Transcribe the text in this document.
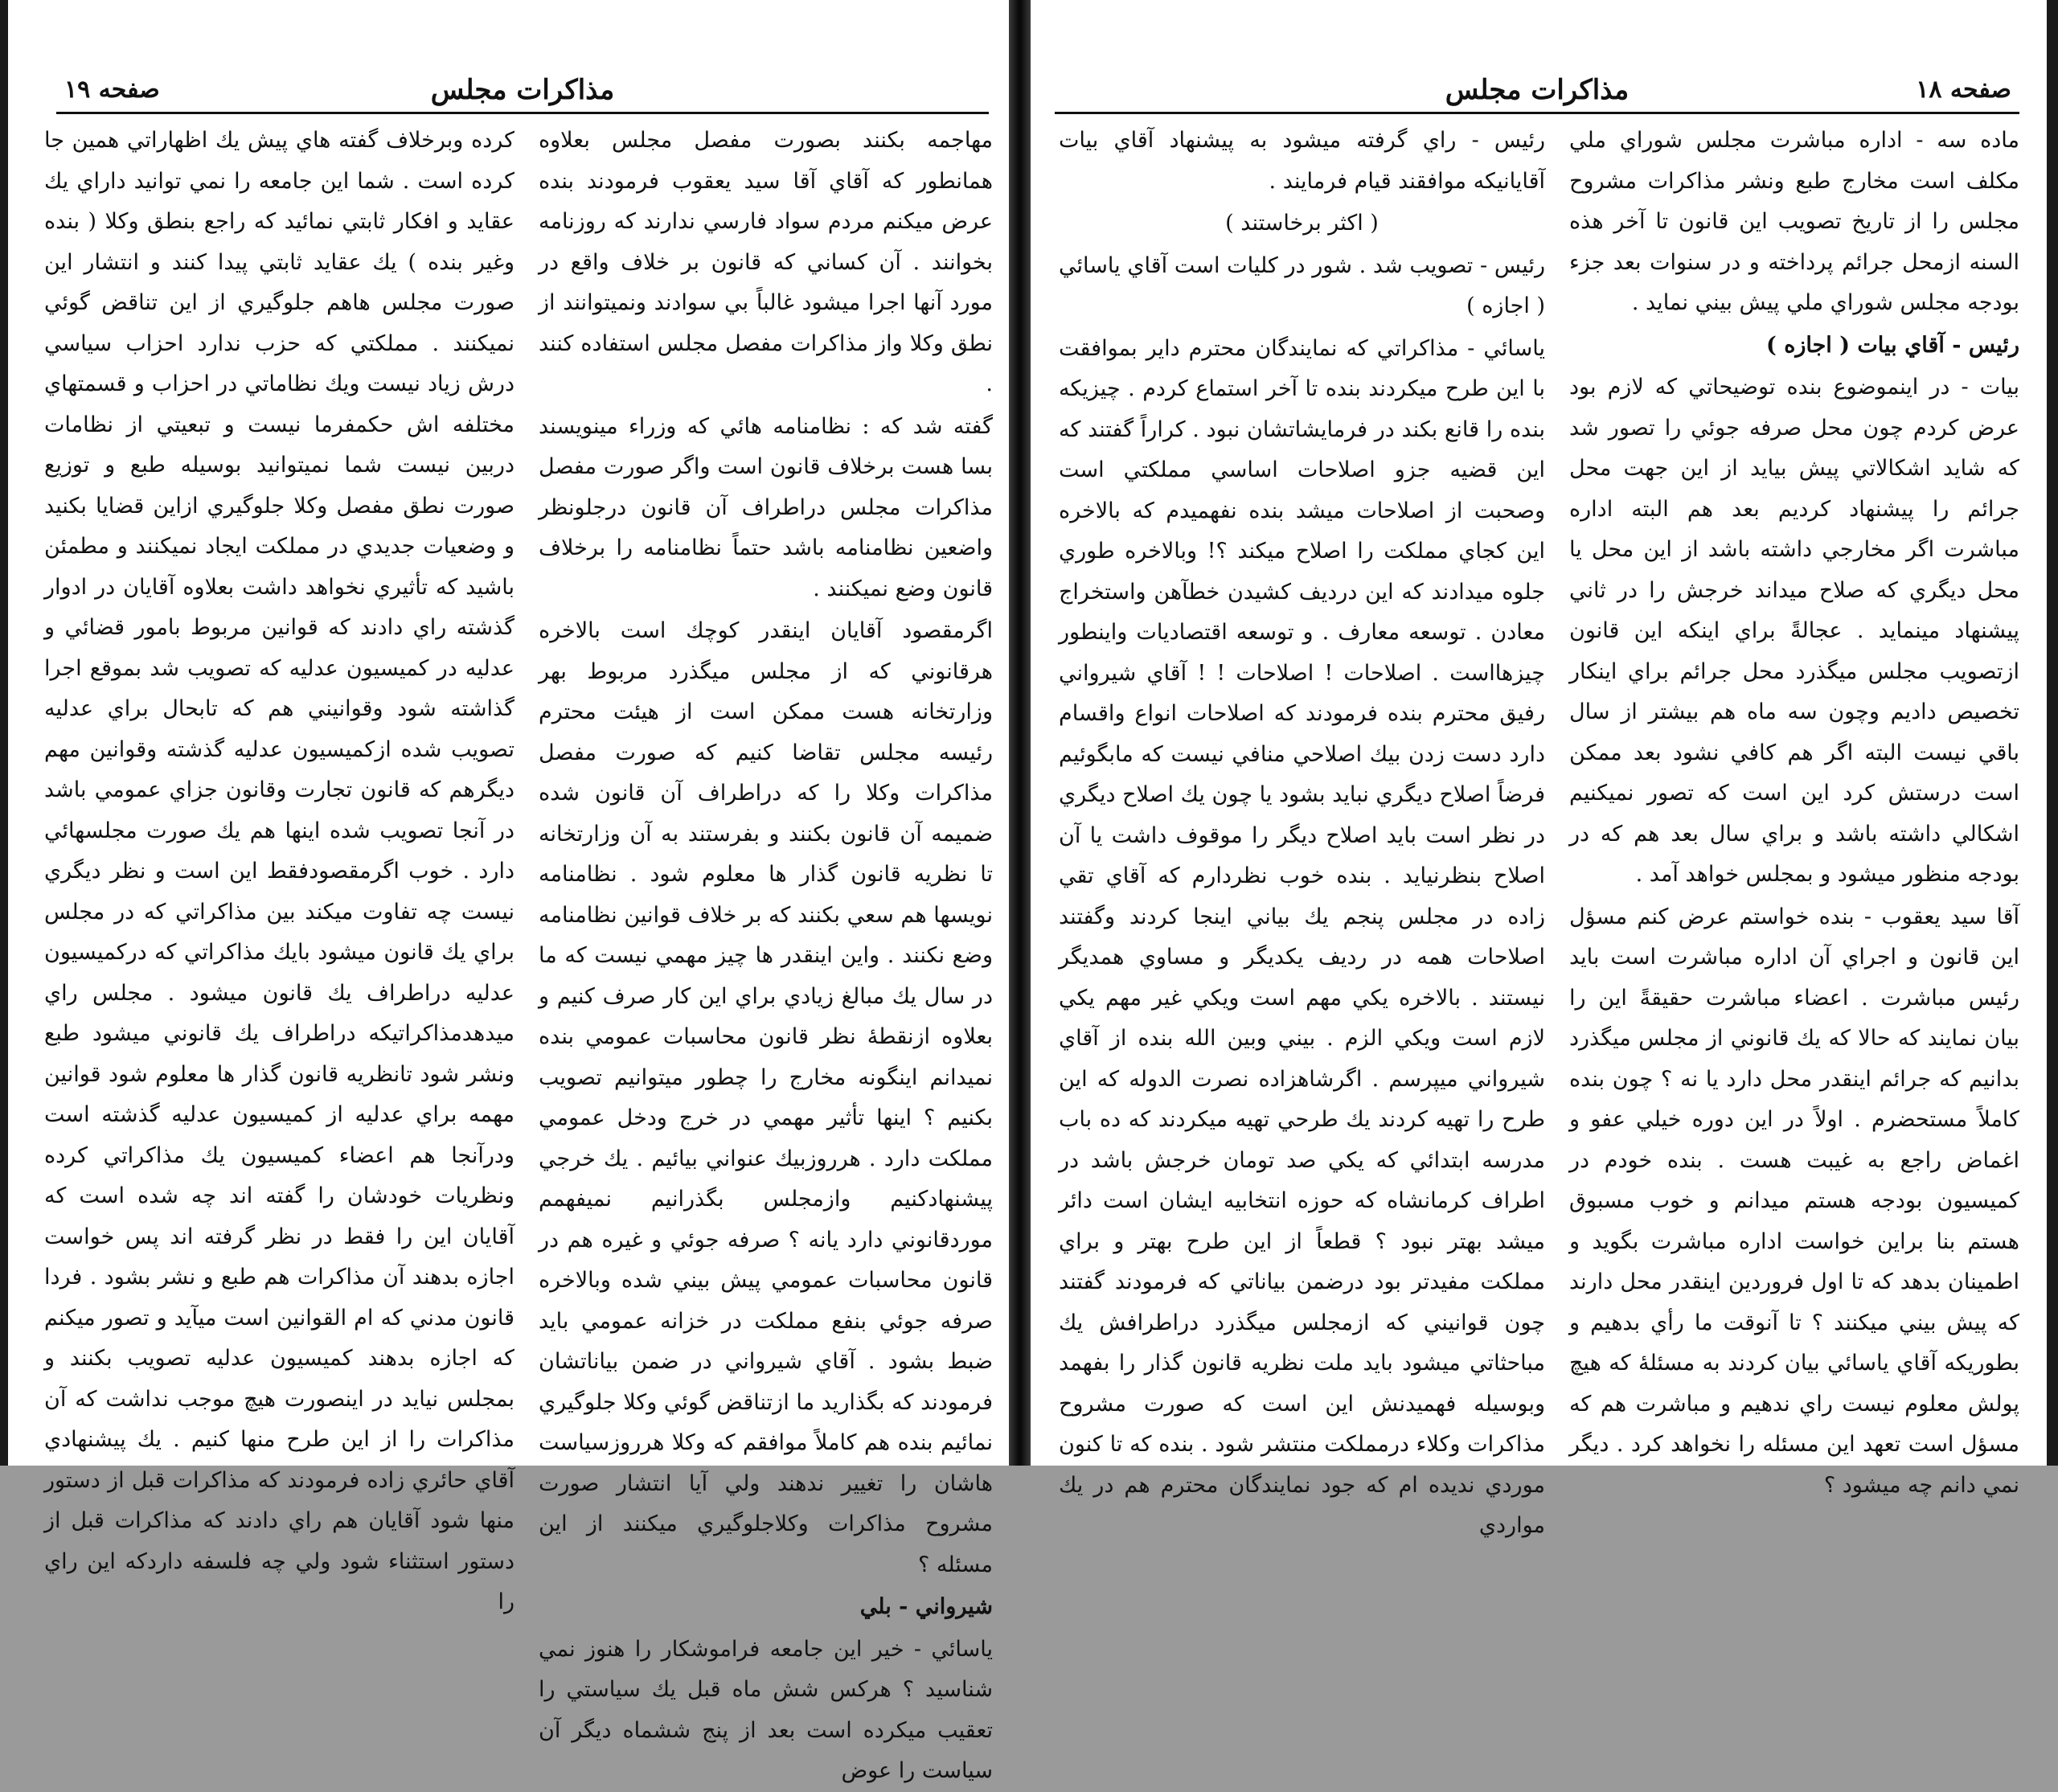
مذاكرات مجلس
صفحه ۱۹

مهاجمه بكنند بصورت مفصل مجلس بعلاوه همانطور كه آقاي آقا سيد يعقوب فرمودند بنده عرض ميكنم مردم سواد فارسي ندارند كه روزنامه بخوانند . آن كساني كه قانون بر خلاف واقع در مورد آنها اجرا ميشود غالباً بي سوادند ونميتوانند از نطق وكلا واز مذاكرات مفصل مجلس استفاده كنند .

گفته شد كه : نظامنامه هائي كه وزراء مينويسند بسا هست برخلاف قانون است واگر صورت مفصل مذاكرات مجلس دراطراف آن قانون درجلونظر واضعين نظامنامه باشد حتماً نظامنامه را برخلاف قانون وضع نميكنند .

اگرمقصود آقايان اينقدر كوچك است بالاخره هرقانوني كه از مجلس ميگذرد مربوط بهر وزارتخانه هست ممكن است از هيئت محترم رئيسه مجلس تقاضا كنيم كه صورت مفصل مذاكرات وكلا را كه دراطراف آن قانون شده ضميمه آن قانون بكنند و بفرستند به آن وزارتخانه تا نظريه قانون گذار ها معلوم شود . نظامنامه نويسها هم سعي بكنند كه بر خلاف قوانين نظامنامه وضع نكنند . واين اينقدر ها چيز مهمي نيست كه ما در سال يك مبالغ زيادي براي اين كار صرف كنيم و بعلاوه ازنقطهٔ نظر قانون محاسبات عمومي بنده نميدانم اينگونه مخارج را چطور ميتوانيم تصويب بكنيم ؟ اينها تأثير مهمي در خرج ودخل عمومي مملكت دارد . هرروزبيك عنواني بيائيم . يك خرجي پيشنهادكنيم وازمجلس بگذرانيم نميفهمم موردقانوني دارد يانه ؟ صرفه جوئي و غيره هم در قانون محاسبات عمومي پيش بيني شده وبالاخره صرفه جوئي بنفع مملكت در خزانه عمومي بايد ضبط بشود . آقاي شيرواني در ضمن بياناتشان فرمودند كه بگذاريد ما ازتناقض گوئي وكلا جلوگيري نمائيم بنده هم كاملاً موافقم كه وكلا هرروزسياست هاشان را تغيير ندهند ولي آيا انتشار صورت مشروح مذاكرات وكلاجلوگيري ميكنند از اين مسئله ؟

شيرواني - بلي

ياسائي - خير اين جامعه فراموشكار را هنوز نمي شناسيد ؟ هركس شش ماه قبل يك سياستي را تعقيب ميكرده است بعد از پنج ششماه ديگر آن سياست را عوض

كرده وبرخلاف گفته هاي پيش يك اظهاراتي همين جا كرده است . شما اين جامعه را نمي توانيد داراي يك عقايد و افكار ثابتي نمائيد كه راجع بنطق وكلا ( بنده وغير بنده ) يك عقايد ثابتي پيدا كنند و انتشار اين صورت مجلس هاهم جلوگيري از اين تناقض گوئي نميكنند . مملكتي كه حزب ندارد احزاب سياسي درش زياد نيست ويك نظاماتي در احزاب و قسمتهاي مختلفه اش حكمفرما نيست و تبعيتي از نظامات دربين نيست شما نميتوانيد بوسيله طبع و توزيع صورت نطق مفصل وكلا جلوگيري ازاين قضايا بكنيد و وضعيات جديدي در مملكت ايجاد نميكنند و مطمئن باشيد كه تأثيري نخواهد داشت بعلاوه آقايان در ادوار گذشته راي دادند كه قوانين مربوط بامور قضائي و عدليه در كميسيون عدليه كه تصويب شد بموقع اجرا گذاشته شود وقوانيني هم كه تابحال براي عدليه تصويب شده ازكميسيون عدليه گذشته وقوانين مهم ديگرهم كه قانون تجارت وقانون جزاي عمومي باشد در آنجا تصويب شده اينها هم يك صورت مجلسهائي دارد . خوب اگرمقصودفقط اين است و نظر ديگري نيست چه تفاوت ميكند بين مذاكراتي كه در مجلس براي يك قانون ميشود بايك مذاكراتي كه دركميسيون عدليه دراطراف يك قانون ميشود . مجلس راي ميدهدمذاكراتيكه دراطراف يك قانوني ميشود طبع ونشر شود تانظريه قانون گذار ها معلوم شود قوانين مهمه براي عدليه از كميسيون عدليه گذشته است ودرآنجا هم اعضاء كميسيون يك مذاكراتي كرده ونظريات خودشان را گفته اند چه شده است كه آقايان اين را فقط در نظر گرفته اند پس خواست اجازه بدهند آن مذاكرات هم طبع و نشر بشود . فردا قانون مدني كه ام القوانين است ميآيد و تصور ميكنم كه اجازه بدهند كميسيون عدليه تصويب بكنند و بمجلس نيايد در اينصورت هيچ موجب نداشت كه آن مذاكرات را از اين طرح منها كنيم . يك پيشنهادي آقاي حائري زاده فرمودند كه مذاكرات قبل از دستور منها شود آقايان هم راي دادند كه مذاكرات قبل از دستور استثناء شود ولي چه فلسفه داردكه اين راي را

مذاكرات مجلس	صفحه ۱۸

ماده سه - اداره مباشرت مجلس شوراي ملي مكلف است مخارج طبع ونشر مذاكرات مشروح مجلس را از تاريخ تصويب اين قانون تا آخر هذه السنه ازمحل جرائم پرداخته و در سنوات بعد جزء بودجه مجلس شوراي ملي پيش بيني نمايد .

رئيس - آقاي بيات ( اجازه )

بيات - در اينموضوع بنده توضيحاتي كه لازم بود عرض كردم چون محل صرفه جوئي را تصور شد كه شايد اشكالاتي پيش بيايد از اين جهت محل جرائم را پيشنهاد كرديم بعد هم البته اداره مباشرت اگر مخارجي داشته باشد از اين محل يا محل ديگري كه صلاح ميداند خرجش را در ثاني پيشنهاد مينمايد . عجالةً براي اينكه اين قانون ازتصويب مجلس ميگذرد محل جرائم براي اينكار تخصيص داديم وچون سه ماه هم بيشتر از سال باقي نيست البته اگر هم كافي نشود بعد ممكن است درستش كرد اين است كه تصور نميكنيم اشكالي داشته باشد و براي سال بعد هم كه در بودجه منظور ميشود و بمجلس خواهد آمد .

آقا سيد يعقوب - بنده خواستم عرض كنم مسؤل اين قانون و اجراي آن اداره مباشرت است بايد رئيس مباشرت . اعضاء مباشرت حقيقةً اين را بيان نمايند كه حالا كه يك قانوني از مجلس ميگذرد بدانيم كه جرائم اينقدر محل دارد يا نه ؟ چون بنده كاملاً مستحضرم . اولاً در اين دوره خيلي عفو و اغماض راجع به غيبت هست . بنده خودم در كميسيون بودجه هستم ميدانم و خوب مسبوق هستم بنا براين خواست اداره مباشرت بگويد و اطمينان بدهد كه تا اول فروردين اينقدر محل دارند كه پيش بيني ميكنند ؟ تا آنوقت ما رأي بدهيم و بطوريكه آقاي ياسائي بيان كردند به مسئلهٔ كه هيچ پولش معلوم نيست راي ندهيم و مباشرت هم كه مسؤل است تعهد اين مسئله را نخواهد كرد . ديگر نمي دانم چه ميشود ؟

رئيس - راي گرفته ميشود به پيشنهاد آقاي بيات آقايانيكه موافقند قيام فرمايند .

( اكثر برخاستند )

رئيس - تصويب شد . شور در كليات است آقاي ياسائي ( اجازه )

ياسائي - مذاكراتي كه نمايندگان محترم داير بموافقت با اين طرح ميكردند بنده تا آخر استماع كردم . چيزيكه بنده را قانع بكند در فرمايشاتشان نبود . كراراً گفتند كه اين قضيه جزو اصلاحات اساسي مملكتي است وصحبت از اصلاحات ميشد بنده نفهميدم كه بالاخره اين كجاي مملكت را اصلاح ميكند ؟! وبالاخره طوري جلوه ميدادند كه اين درديف كشيدن خطآهن واستخراج معادن . توسعه معارف . و توسعه اقتصاديات واينطور چيزهااست . اصلاحات ! اصلاحات ! ! آقاي شيرواني رفيق محترم بنده فرمودند كه اصلاحات انواع واقسام دارد دست زدن بيك اصلاحي منافي نيست كه مابگوئيم فرضاً اصلاح ديگري نبايد بشود يا چون يك اصلاح ديگري در نظر است بايد اصلاح ديگر را موقوف داشت يا آن اصلاح بنظرنيايد . بنده خوب نظردارم كه آقاي تقي زاده در مجلس پنجم يك بياني اينجا كردند وگفتند اصلاحات همه در رديف يكديگر و مساوي همديگر نيستند . بالاخره يكي مهم است ويكي غير مهم يكي لازم است ويكي الزم . بيني وبين الله بنده از آقاي شيرواني ميپرسم . اگرشاهزاده نصرت الدوله كه اين طرح را تهيه كردند يك طرحي تهيه ميكردند كه ده باب مدرسه ابتدائي كه يكي صد تومان خرجش باشد در اطراف كرمانشاه كه حوزه انتخابيه ايشان است دائر ميشد بهتر نبود ؟ قطعاً از اين طرح بهتر و براي مملكت مفيدتر بود درضمن بياناتي كه فرمودند گفتند چون قوانيني كه ازمجلس ميگذرد دراطرافش يك مباحثاتي ميشود بايد ملت نظريه قانون گذار را بفهمد وبوسيله فهميدنش اين است كه صورت مشروح مذاكرات وكلاء درمملكت منتشر شود . بنده كه تا كنون موردي نديده ام كه جود نمايندگان محترم هم در يك مواردي
